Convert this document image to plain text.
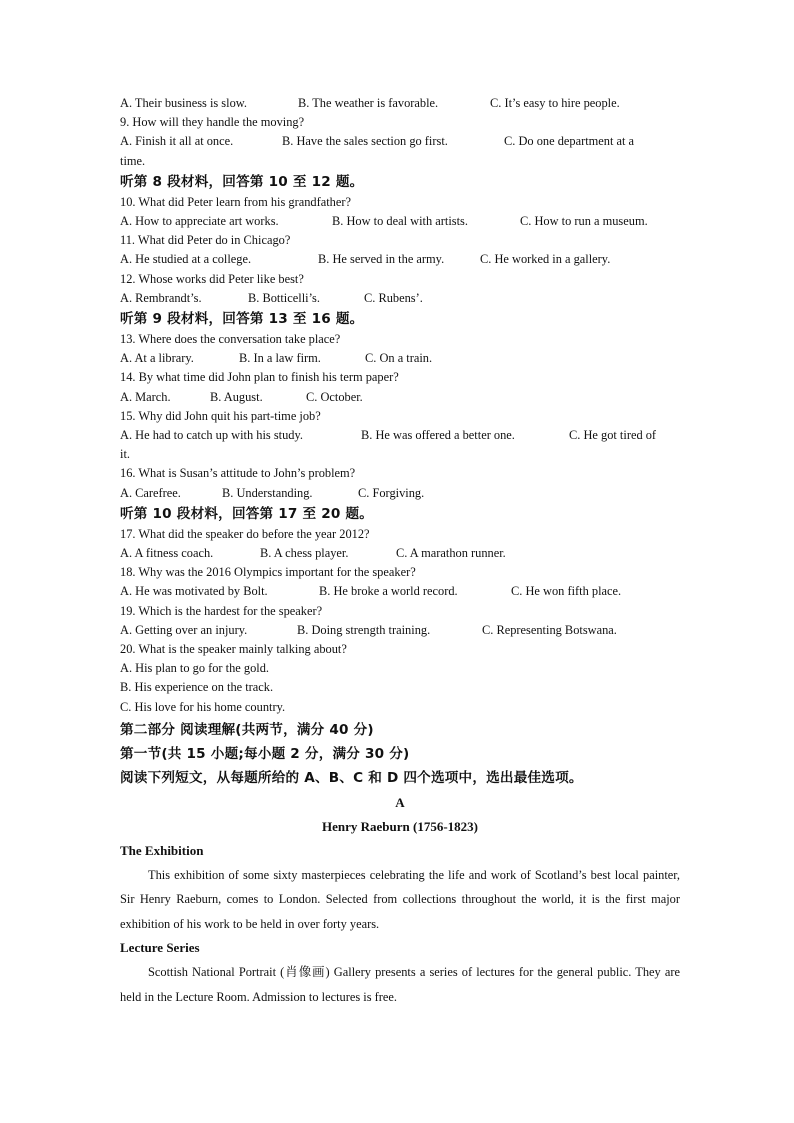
A. Their business is slow.	B. The weather is favorable.	C. It’s easy to hire people.
9. How will they handle the moving?
A. Finish it all at once.	B. Have the sales section go first.	C. Do one department at a
time.
听第 8 段材料，回答第 10 至 12 题。
10. What did Peter learn from his grandfather?
A. How to appreciate art works.	B. How to deal with artists.	C. How to run a museum.
11. What did Peter do in Chicago?
A. He studied at a college.	B. He served in the army.	C. He worked in a gallery.
12. Whose works did Peter like best?
A. Rembrandt’s.	B. Botticelli’s.	C. Rubens’.
听第 9 段材料，回答第 13 至 16 题。
13. Where does the conversation take place?
A. At a library.	B. In a law firm.	C. On a train.
14. By what time did John plan to finish his term paper?
A. March.	B. August.	C. October.
15. Why did John quit his part-time job?
A. He had to catch up with his study.	B. He was offered a better one.	C. He got tired of
it.
16. What is Susan’s attitude to John’s problem?
A. Carefree.	B. Understanding.	C. Forgiving.
听第 10 段材料，回答第 17 至 20 题。
17. What did the speaker do before the year 2012?
A. A fitness coach.	B. A chess player.	C. A marathon runner.
18. Why was the 2016 Olympics important for the speaker?
A. He was motivated by Bolt.	B. He broke a world record.	C. He won fifth place.
19. Which is the hardest for the speaker?
A. Getting over an injury.	B. Doing strength training.	C. Representing Botswana.
20. What is the speaker mainly talking about?
A. His plan to go for the gold.
B. His experience on the track.
C. His love for his home country.
第二部分 阅读理解(共两节，满分 40 分)
第一节(共 15 小题;每小题 2 分，满分 30 分)
阅读下列短文，从每题所给的 A、B、C 和 D 四个选项中，选出最佳选项。
A
Henry Raeburn (1756-1823)
The Exhibition
This exhibition of some sixty masterpieces celebrating the life and work of Scotland’s best local painter, Sir Henry Raeburn, comes to London. Selected from collections throughout the world, it is the first major exhibition of his work to be held in over forty years.
Lecture Series
Scottish National Portrait (肖像画) Gallery presents a series of lectures for the general public. They are held in the Lecture Room. Admission to lectures is free.
